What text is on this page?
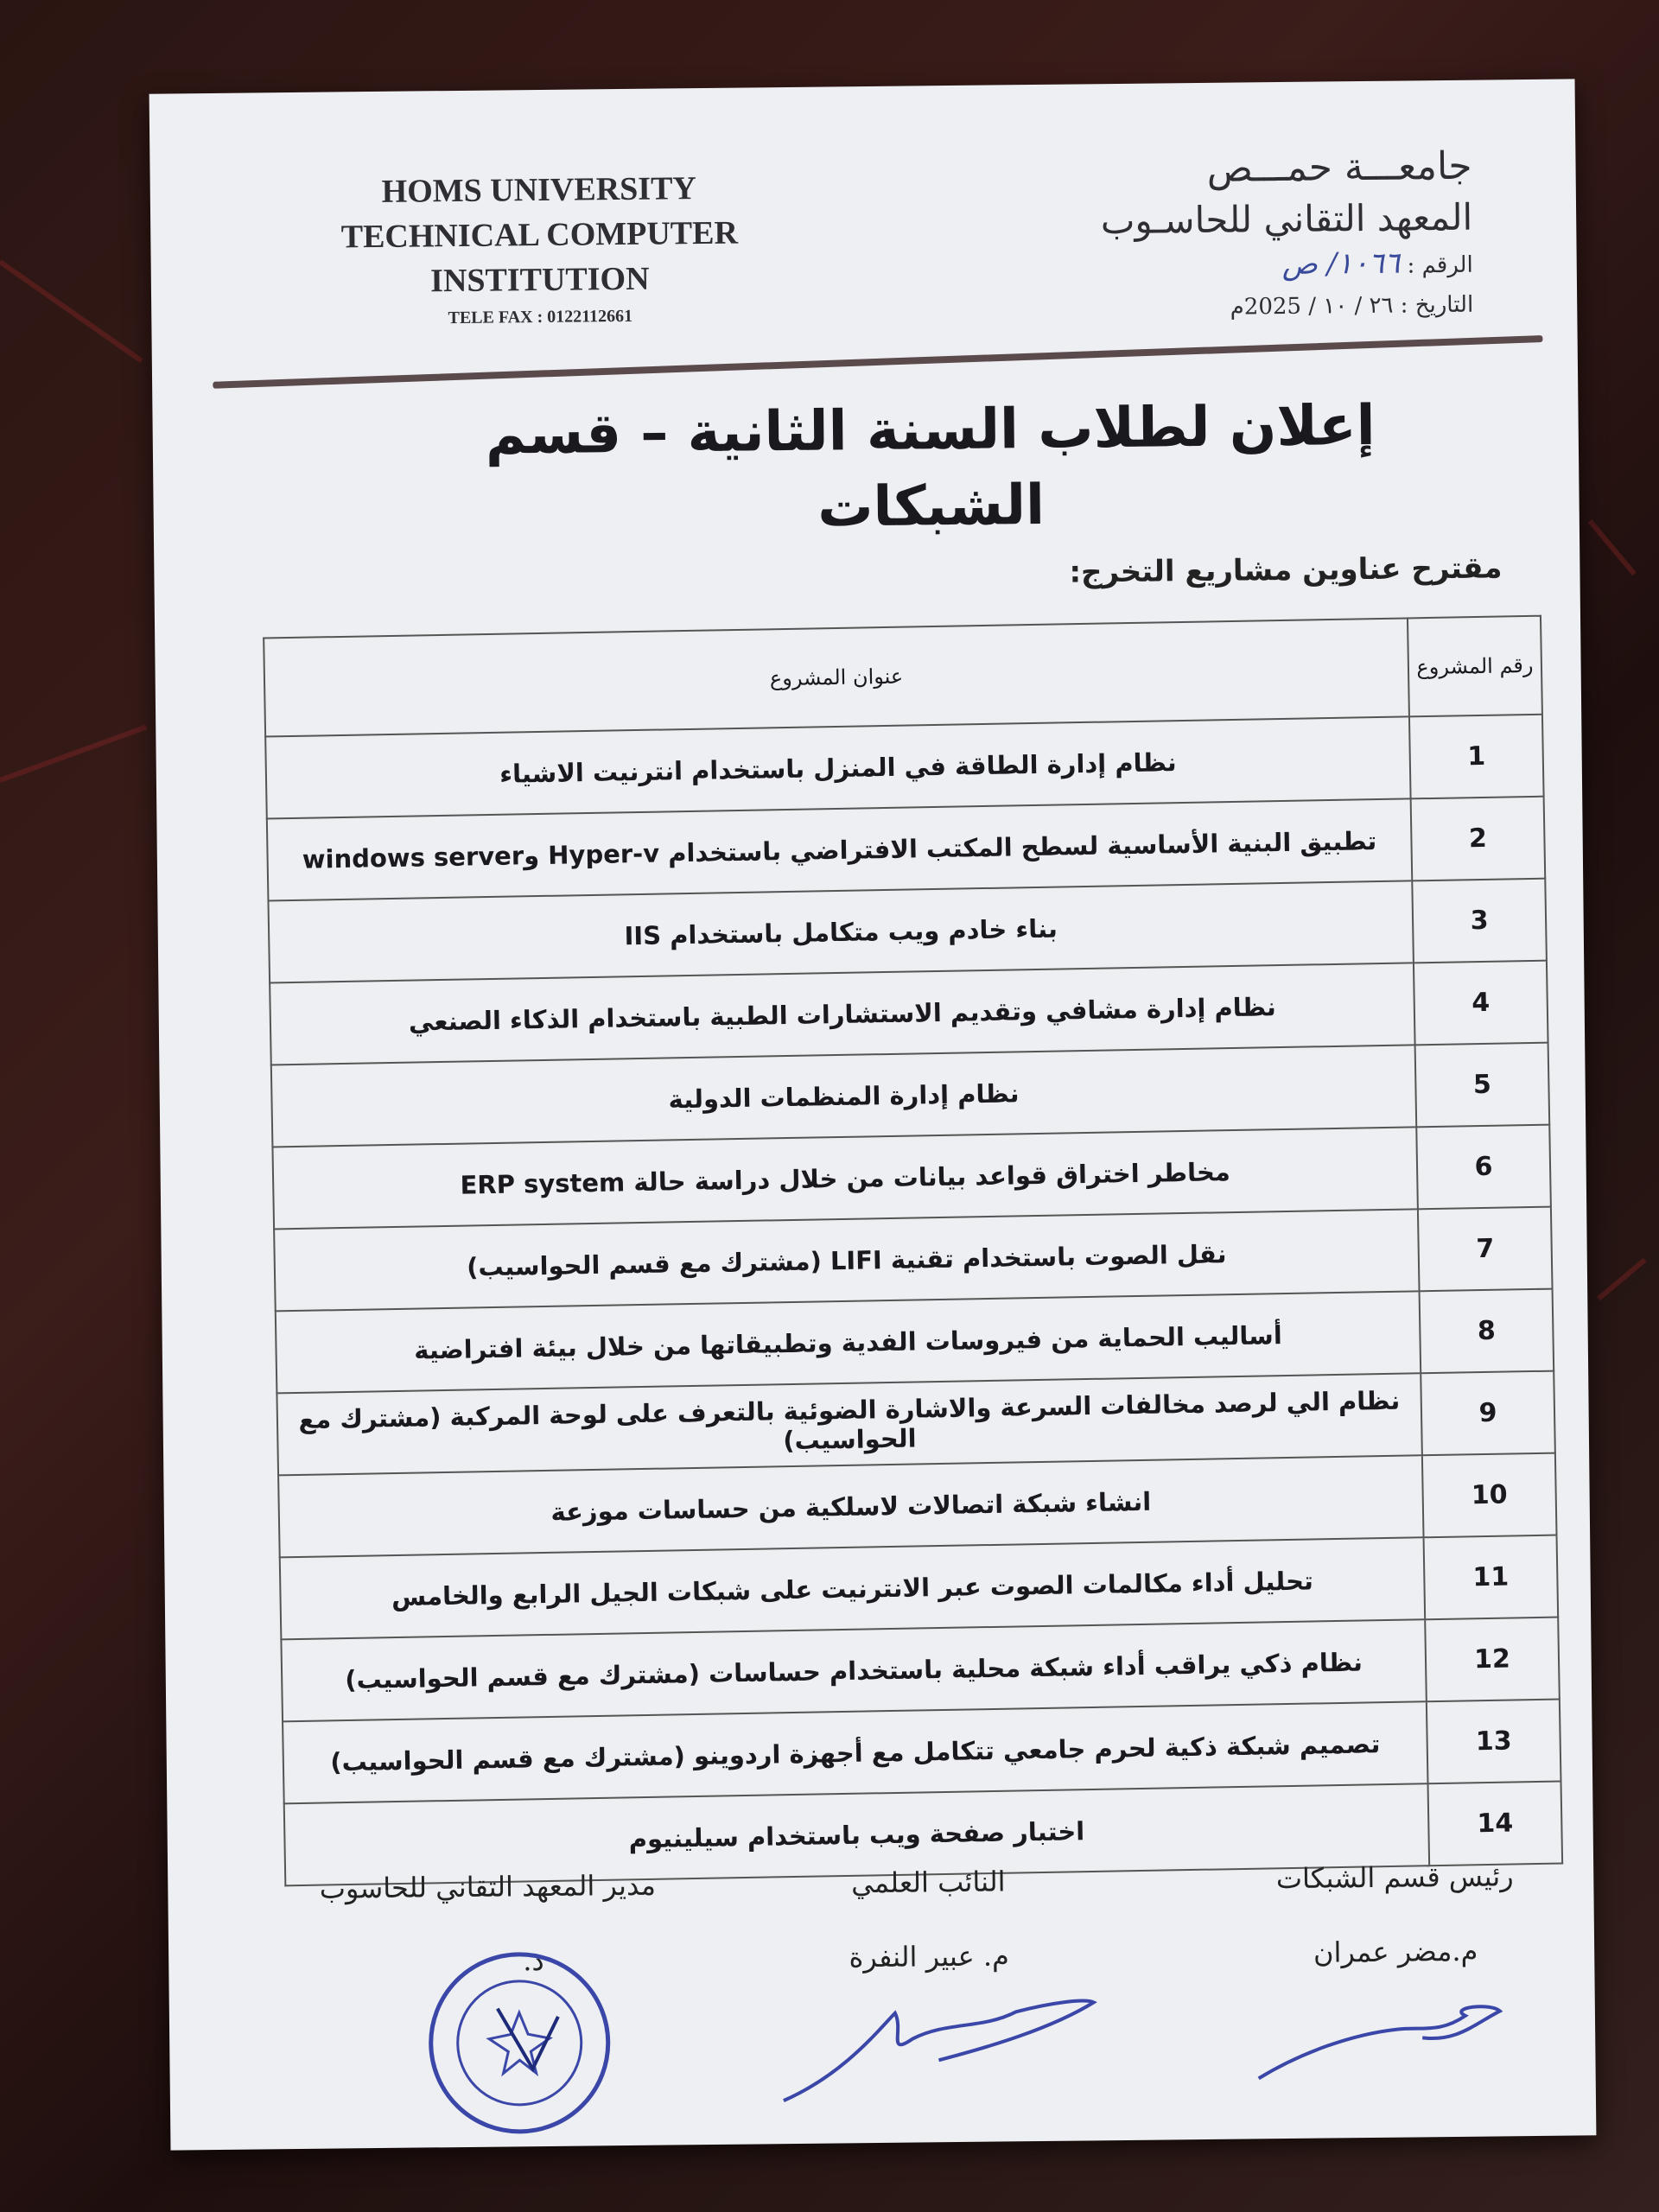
HOMS UNIVERSITY
TECHNICAL COMPUTER
INSTITUTION
TELE FAX : 0122112661
جامعـــة حمـــص
المعهد التقاني للحاسـوب
الرقم : ١٠٦٦/ ص
التاريخ : ٢٦ / ١٠ / 2025م
إعلان لطلاب السنة الثانية – قسم الشبكات
مقترح عناوين مشاريع التخرج:
رقم المشروع	عنوان المشروع
1	نظام إدارة الطاقة في المنزل باستخدام انترنيت الاشياء
2	تطبيق البنية الأساسية لسطح المكتب الافتراضي باستخدام Hyper-v وwindows server
3	بناء خادم ويب متكامل باستخدام IIS
4	نظام إدارة مشافي وتقديم الاستشارات الطبية باستخدام الذكاء الصنعي
5	نظام إدارة المنظمات الدولية
6	مخاطر اختراق قواعد بيانات من خلال دراسة حالة ERP system
7	نقل الصوت باستخدام تقنية LIFI (مشترك مع قسم الحواسيب)
8	أساليب الحماية من فيروسات الفدية وتطبيقاتها من خلال بيئة افتراضية
9	نظام الي لرصد مخالفات السرعة والاشارة الضوئية بالتعرف على لوحة المركبة (مشترك مع الحواسيب)
10	انشاء شبكة اتصالات لاسلكية من حساسات موزعة
11	تحليل أداء مكالمات الصوت عبر الانترنيت على شبكات الجيل الرابع والخامس
12	نظام ذكي يراقب أداء شبكة محلية باستخدام حساسات (مشترك مع قسم الحواسيب)
13	تصميم شبكة ذكية لحرم جامعي تتكامل مع أجهزة اردوينو (مشترك مع قسم الحواسيب)
14	اختبار صفحة ويب باستخدام سيلينيوم
رئيس قسم الشبكات
م.مضر عمران
النائب العلمي
م. عبير النفرة
مدير المعهد التقاني للحاسوب
د.
